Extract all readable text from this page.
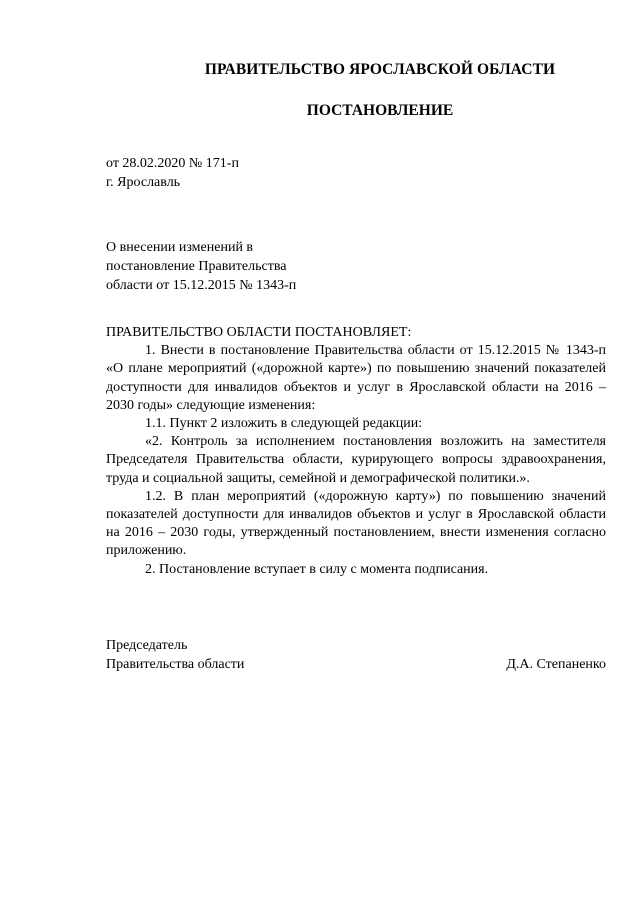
ПРАВИТЕЛЬСТВО ЯРОСЛАВСКОЙ ОБЛАСТИ
ПОСТАНОВЛЕНИЕ
от 28.02.2020 № 171-п
г. Ярославль
О внесении изменений в
постановление Правительства
области от 15.12.2015 № 1343-п

ПРАВИТЕЛЬСТВО ОБЛАСТИ ПОСТАНОВЛЯЕТ:

1. Внести в постановление Правительства области от 15.12.2015 № 1343-п «О плане мероприятий («дорожной карте») по повышению значений показателей доступности для инвалидов объектов и услуг в Ярославской области на 2016 – 2030 годы» следующие изменения:

1.1. Пункт 2 изложить в следующей редакции:

«2. Контроль за исполнением постановления возложить на заместителя Председателя Правительства области, курирующего вопросы здравоохранения, труда и социальной защиты, семейной и демографической политики.».

1.2. В план мероприятий («дорожную карту») по повышению значений показателей доступности для инвалидов объектов и услуг в Ярославской области на 2016 – 2030 годы, утвержденный постановлением, внести изменения согласно приложению.

2. Постановление вступает в силу с момента подписания.

Председатель
Правительства области	Д.А. Степаненко
